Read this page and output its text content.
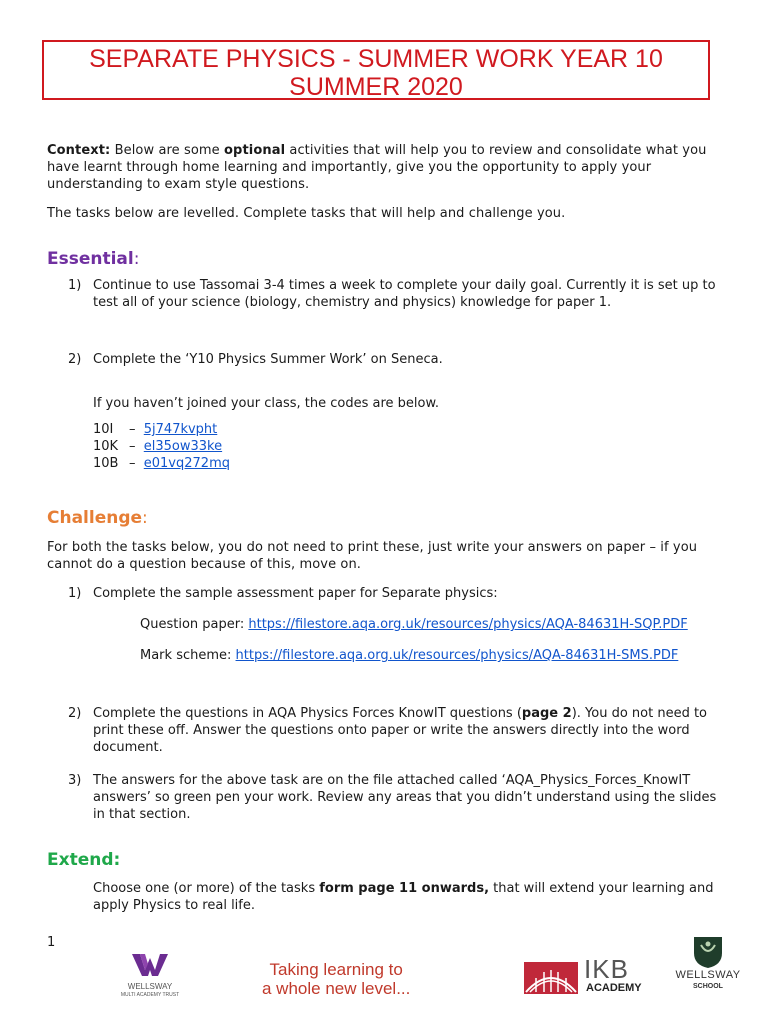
SEPARATE PHYSICS - SUMMER WORK YEAR 10
SUMMER 2020
Context: Below are some optional activities that will help you to review and consolidate what you have learnt through home learning and importantly, give you the opportunity to apply your understanding to exam style questions.
The tasks below are levelled. Complete tasks that will help and challenge you.
Essential:
1) Continue to use Tassomai 3-4 times a week to complete your daily goal. Currently it is set up to test all of your science (biology, chemistry and physics) knowledge for paper 1.
2) Complete the ‘Y10 Physics Summer Work’ on Seneca.
If you haven’t joined your class, the codes are below.
10I – 5j747kvpht
10K – el35ow33ke
10B – e01vq272mq
Challenge:
For both the tasks below, you do not need to print these, just write your answers on paper – if you cannot do a question because of this, move on.
1) Complete the sample assessment paper for Separate physics:
Question paper: https://filestore.aqa.org.uk/resources/physics/AQA-84631H-SQP.PDF
Mark scheme: https://filestore.aqa.org.uk/resources/physics/AQA-84631H-SMS.PDF
2) Complete the questions in AQA Physics Forces KnowIT questions (page 2). You do not need to print these off. Answer the questions onto paper or write the answers directly into the word document.
3) The answers for the above task are on the file attached called ‘AQA_Physics_Forces_KnowIT answers’ so green pen your work. Review any areas that you didn’t understand using the slides in that section.
Extend:
Choose one (or more) of the tasks form page 11 onwards, that will extend your learning and apply Physics to real life.
1
WELLSWAY
MULTI ACADEMY TRUST
Taking learning to
a whole new level...
IKB
ACADEMY
WELLSWAY
SCHOOL
